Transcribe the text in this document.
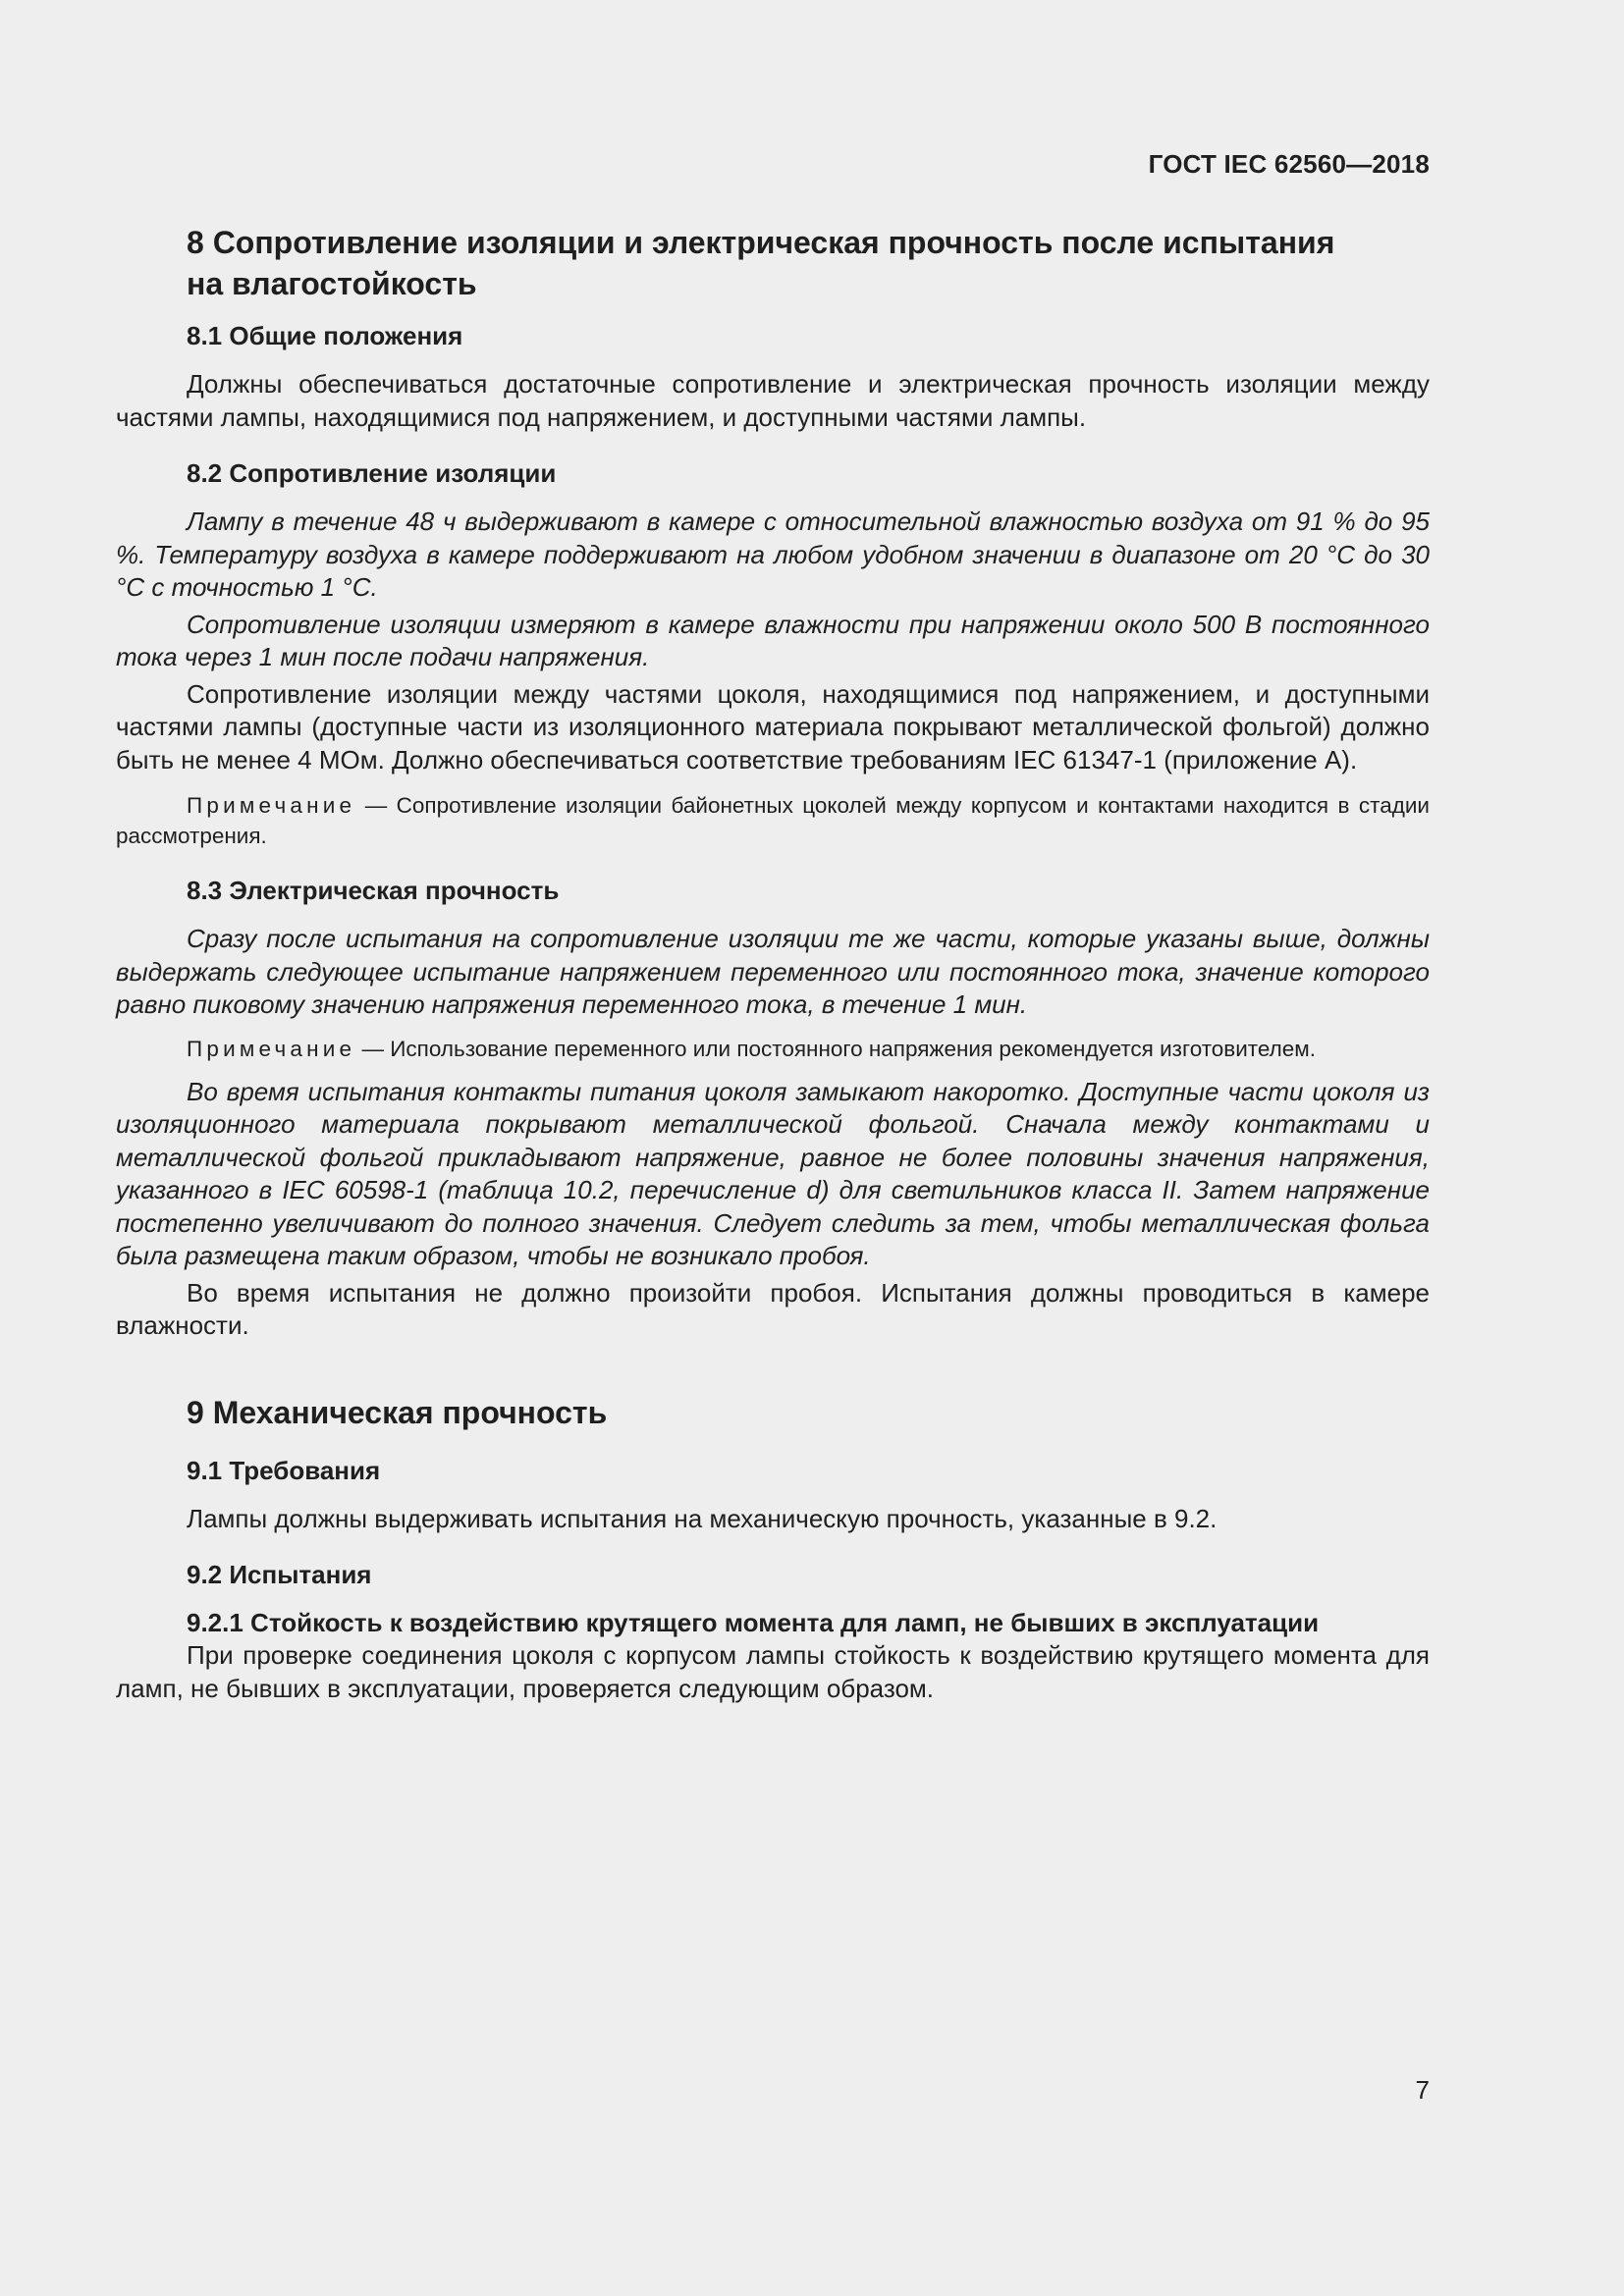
ГОСТ IEC 62560—2018
8 Сопротивление изоляции и электрическая прочность после испытания
на влагостойкость
8.1 Общие положения

Должны обеспечиваться достаточные сопротивление и электрическая прочность изоляции между частями лампы, находящимися под напряжением, и доступными частями лампы.

8.2 Сопротивление изоляции

Лампу в течение 48 ч выдерживают в камере с относительной влажностью воздуха от 91 % до 95 %. Температуру воздуха в камере поддерживают на любом удобном значении в диапазоне от 20 °С до 30 °С с точностью 1 °С.

Сопротивление изоляции измеряют в камере влажности при напряжении около 500 В постоянного тока через 1 мин после подачи напряжения.

Сопротивление изоляции между частями цоколя, находящимися под напряжением, и доступными частями лампы (доступные части из изоляционного материала покрывают металлической фольгой) должно быть не менее 4 МОм. Должно обеспечиваться соответствие требованиям IEC 61347-1 (приложение А).

Примечание — Сопротивление изоляции байонетных цоколей между корпусом и контактами находится в стадии рассмотрения.

8.3 Электрическая прочность

Сразу после испытания на сопротивление изоляции те же части, которые указаны выше, должны выдержать следующее испытание напряжением переменного или постоянного тока, значение которого равно пиковому значению напряжения переменного тока, в течение 1 мин.

Примечание — Использование переменного или постоянного напряжения рекомендуется изготовителем.

Во время испытания контакты питания цоколя замыкают накоротко. Доступные части цоколя из изоляционного материала покрывают металлической фольгой. Сначала между контактами и металлической фольгой прикладывают напряжение, равное не более половины значения напряжения, указанного в IEC 60598-1 (таблица 10.2, перечисление d) для светильников класса II. Затем напряжение постепенно увеличивают до полного значения. Следует следить за тем, чтобы металлическая фольга была размещена таким образом, чтобы не возникало пробоя.

Во время испытания не должно произойти пробоя. Испытания должны проводиться в камере влажности.

9 Механическая прочность
9.1 Требования

Лампы должны выдерживать испытания на механическую прочность, указанные в 9.2.

9.2 Испытания
9.2.1 Стойкость к воздействию крутящего момента для ламп, не бывших в эксплуатации

При проверке соединения цоколя с корпусом лампы стойкость к воздействию крутящего момента для ламп, не бывших в эксплуатации, проверяется следующим образом.

7
